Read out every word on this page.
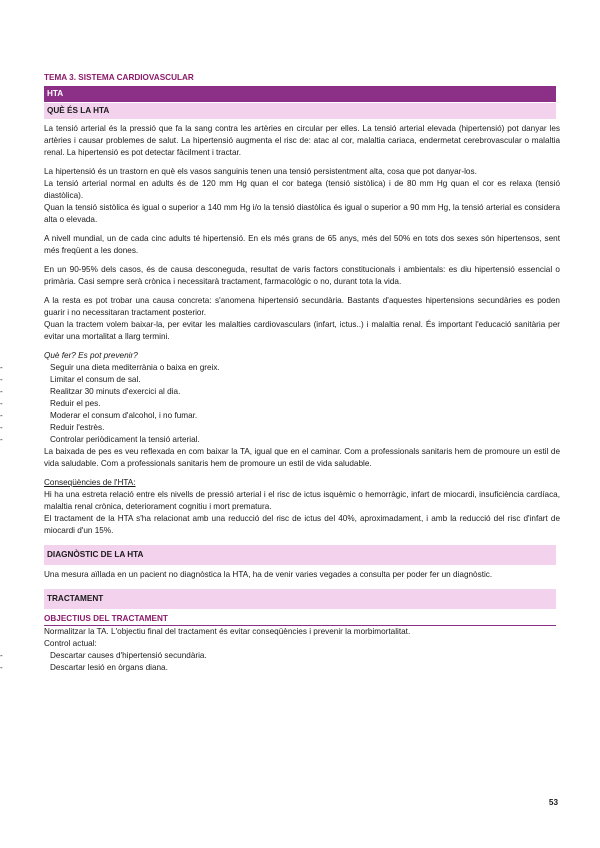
TEMA 3. SISTEMA CARDIOVASCULAR
HTA
QUÈ ÉS LA HTA

La tensió arterial és la pressió que fa la sang contra les artèries en circular per elles. La tensió arterial elevada (hipertensió) pot danyar les artèries i causar problemes de salut. La hipertensió augmenta el risc de: atac al cor, malaltia cariaca, endermetat cerebrovascular o malaltia renal. La hipertensió es pot detectar fàcilment i tractar.

La hipertensió és un trastorn en què els vasos sanguinis tenen una tensió persistentment alta, cosa que pot danyar-los.
La tensió arterial normal en adults és de 120 mm Hg quan el cor batega (tensió sistòlica) i de 80 mm Hg quan el cor es relaxa (tensió diastòlica).
Quan la tensió sistòlica és igual o superior a 140 mm Hg i/o la tensió diastòlica és igual o superior a 90 mm Hg, la tensió arterial es considera alta o elevada.

A nivell mundial, un de cada cinc adults té hipertensió. En els més grans de 65 anys, més del 50% en tots dos sexes són hipertensos, sent més freqüent a les dones.

En un 90-95% dels casos, és de causa desconeguda, resultat de varis factors constitucionals i ambientals: es diu hipertensió essencial o primària. Casi sempre serà crònica i necessitarà tractament, farmacològic o no, durant tota la vida.

A la resta es pot trobar una causa concreta: s'anomena hipertensió secundària. Bastants d'aquestes hipertensions secundàries es poden guarir i no necessitaran tractament posterior.
Quan la tractem volem baixar-la, per evitar les malalties cardiovasculars (infart, ictus..) i malaltia renal. És important l'educació sanitària per evitar una mortalitat a llarg termini.

Què fer? Es pot prevenir?
- Seguir una dieta mediterrània o baixa en greix.
- Limitar el consum de sal.
- Realitzar 30 minuts d'exercici al dia.
- Reduir el pes.
- Moderar el consum d'alcohol, i no fumar.
- Reduir l'estrès.
- Controlar periòdicament la tensió arterial.

La baixada de pes es veu reflexada en com baixar la TA, igual que en el caminar. Com a professionals sanitaris hem de promoure un estil de vida saludable. Com a professionals sanitaris hem de promoure un estil de vida saludable.

Conseqüències de l'HTA:

Hi ha una estreta relació entre els nivells de pressió arterial i el risc de ictus isquèmic o hemorràgic, infart de miocardi, insuficiència cardíaca, malaltia renal crònica, deteriorament cognitiu i mort prematura.
El tractament de la HTA s'ha relacionat amb una reducció del risc de ictus del 40%, aproximadament, i amb la reducció del risc d'infart de miocardi d'un 15%.

DIAGNÒSTIC DE LA HTA

Una mesura aïllada en un pacient no diagnòstica la HTA, ha de venir varies vegades a consulta per poder fer un diagnòstic.

TRACTAMENT
OBJECTIUS DEL TRACTAMENT

Normalitzar la TA. L'objectiu final del tractament és evitar conseqüències i prevenir la morbimortalitat.
Control actual:

- Descartar causes d'hipertensió secundària.
- Descartar lesió en òrgans diana.
53
